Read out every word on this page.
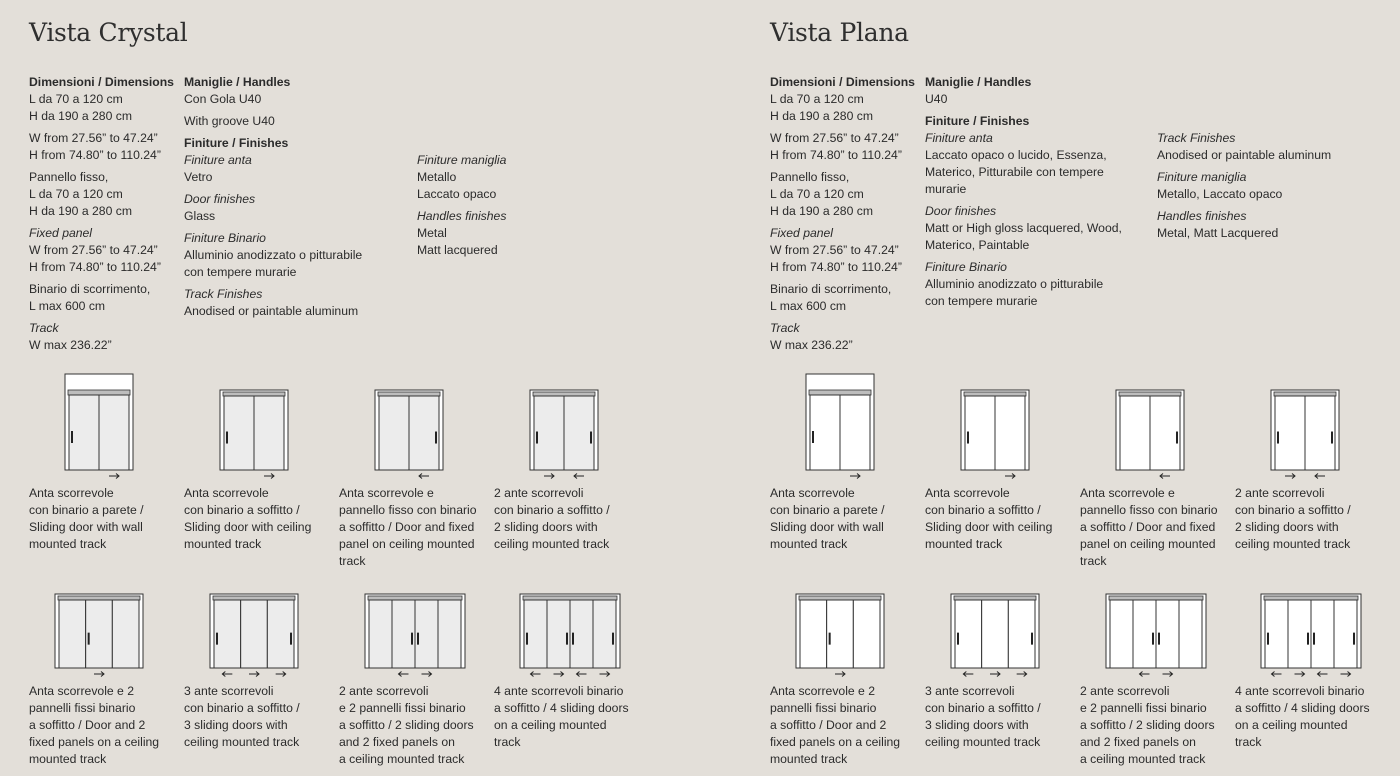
Vista Crystal
Dimensioni / Dimensions
L da 70 a 120 cm
H da 190 a 280 cm
W from 27.56” to 47.24”
H from 74.80” to 110.24”
Pannello fisso,
L da 70 a 120 cm
H da 190 a 280 cm
Fixed panel
W from 27.56” to 47.24”
H from 74.80” to 110.24”
Binario di scorrimento,
L max 600 cm
Track
W max 236.22”
Maniglie / Handles
Con Gola U40
With groove U40
Finiture / Finishes
Finiture anta
Vetro
Door finishes
Glass
Finiture Binario
Alluminio anodizzato o pitturabile
con tempere murarie
Track Finishes
Anodised or paintable aluminum
Finiture maniglia
Metallo
Laccato opaco
Handles finishes
Metal
Matt lacquered
Anta scorrevole
con binario a parete /
Sliding door with wall
mounted track
Anta scorrevole
con binario a soffitto /
Sliding door with ceiling
mounted track
Anta scorrevole e
pannello fisso con binario
a soffitto / Door and fixed
panel on ceiling mounted
track
2 ante scorrevoli
con binario a soffitto /
2 sliding doors with
ceiling mounted track
Anta scorrevole e 2
pannelli fissi binario
a soffitto / Door and 2
fixed panels on a ceiling
mounted track
3 ante scorrevoli
con binario a soffitto /
3 sliding doors with
ceiling mounted track
2 ante scorrevoli
e 2 pannelli fissi binario
a soffitto / 2 sliding doors
and 2 fixed panels on
a ceiling mounted track
4 ante scorrevoli binario
a soffitto / 4 sliding doors
on a ceiling mounted
track
Vista Plana
Dimensioni / Dimensions
L da 70 a 120 cm
H da 190 a 280 cm
W from 27.56” to 47.24”
H from 74.80” to 110.24”
Pannello fisso,
L da 70 a 120 cm
H da 190 a 280 cm
Fixed panel
W from 27.56” to 47.24”
H from 74.80” to 110.24”
Binario di scorrimento,
L max 600 cm
Track
W max 236.22”
Maniglie / Handles
U40
Finiture / Finishes
Finiture anta
Laccato opaco o lucido, Essenza,
Materico, Pitturabile con tempere
murarie
Door finishes
Matt or High gloss lacquered, Wood,
Materico, Paintable
Finiture Binario
Alluminio anodizzato o pitturabile
con tempere murarie
Track Finishes
Anodised or paintable aluminum
Finiture maniglia
Metallo, Laccato opaco
Handles finishes
Metal, Matt Lacquered
Anta scorrevole
con binario a parete /
Sliding door with wall
mounted track
Anta scorrevole
con binario a soffitto /
Sliding door with ceiling
mounted track
Anta scorrevole e
pannello fisso con binario
a soffitto / Door and fixed
panel on ceiling mounted
track
2 ante scorrevoli
con binario a soffitto /
2 sliding doors with
ceiling mounted track
Anta scorrevole e 2
pannelli fissi binario
a soffitto / Door and 2
fixed panels on a ceiling
mounted track
3 ante scorrevoli
con binario a soffitto /
3 sliding doors with
ceiling mounted track
2 ante scorrevoli
e 2 pannelli fissi binario
a soffitto / 2 sliding doors
and 2 fixed panels on
a ceiling mounted track
4 ante scorrevoli binario
a soffitto / 4 sliding doors
on a ceiling mounted
track
